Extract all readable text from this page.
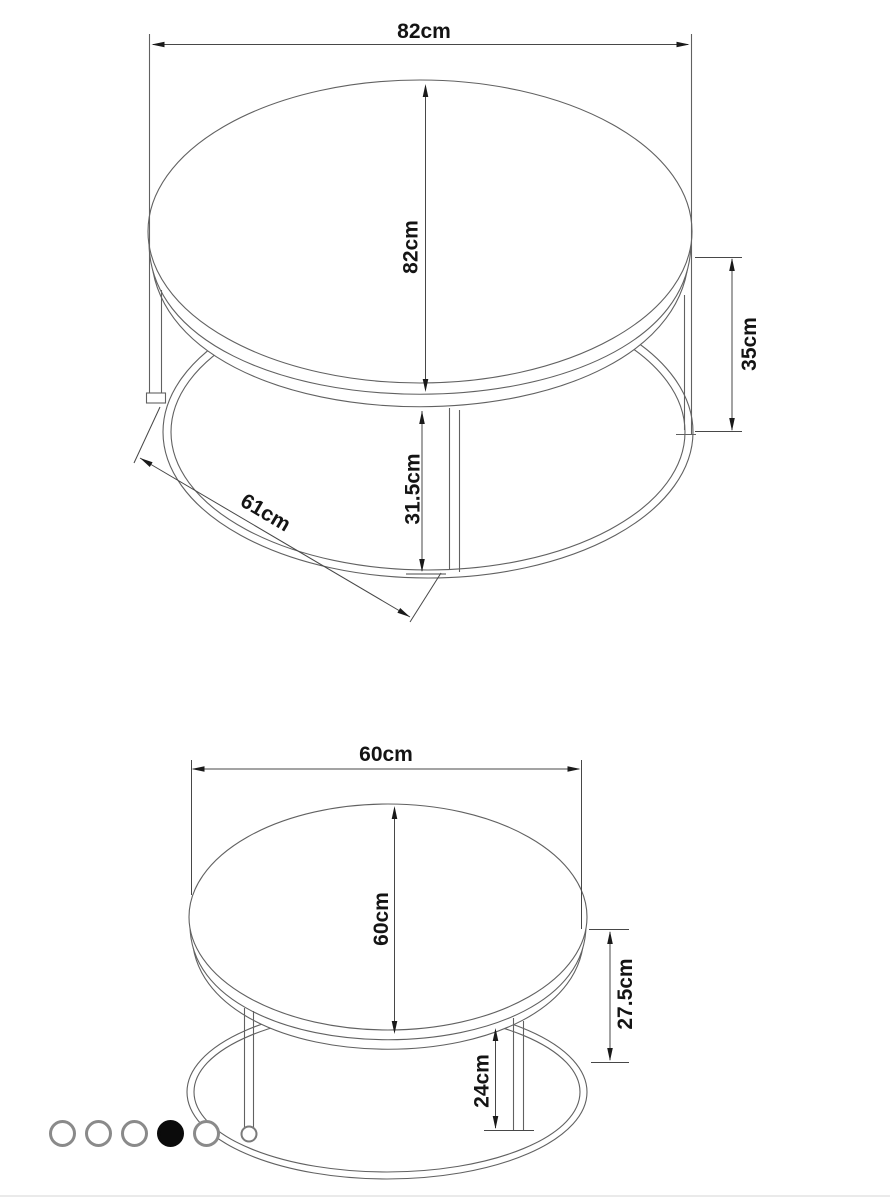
82cm
82cm
35cm
31.5cm
61cm
60cm
60cm
27.5cm
24cm
